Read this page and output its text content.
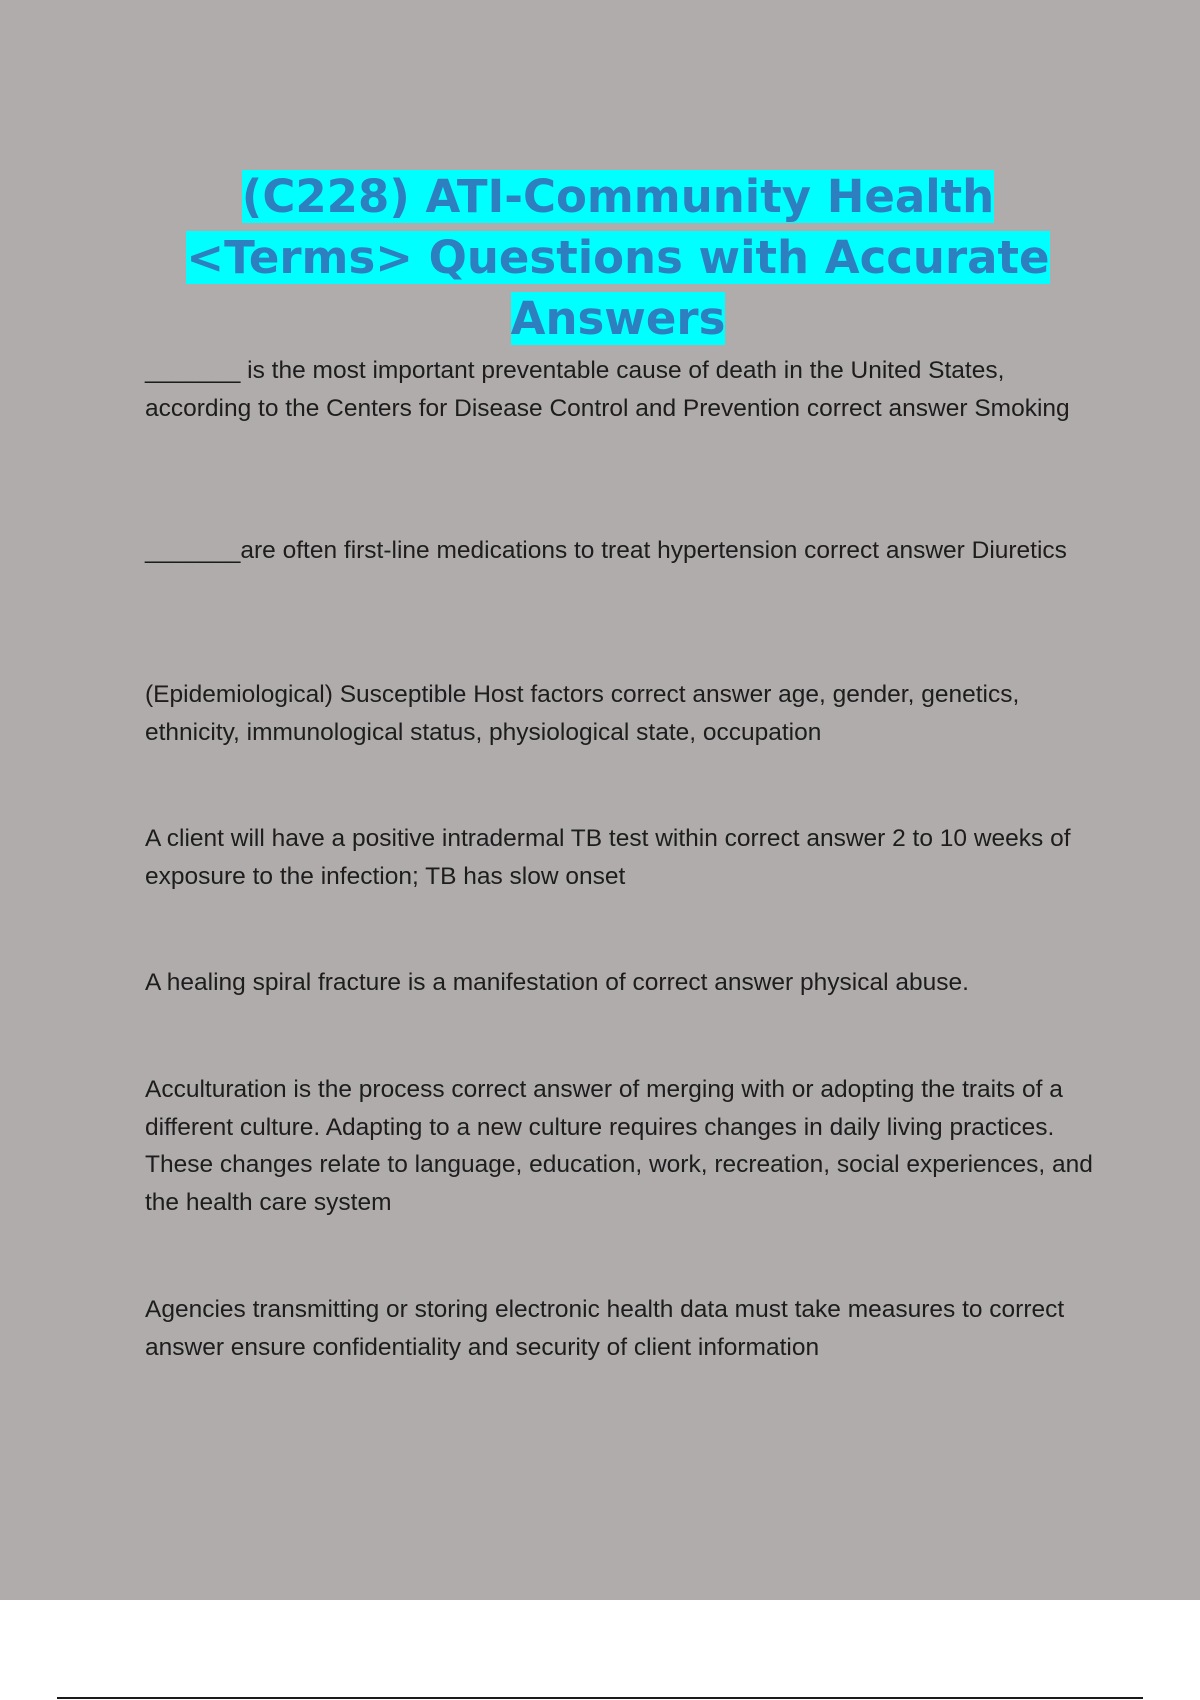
(C228) ATI-Community Health <Terms> Questions with Accurate Answers

_______ is the most important preventable cause of death in the United States, according to the Centers for Disease Control and Prevention correct answer Smoking

_______are often first-line medications to treat hypertension correct answer Diuretics

(Epidemiological) Susceptible Host factors correct answer age, gender, genetics, ethnicity, immunological status, physiological state, occupation

A client will have a positive intradermal TB test within correct answer 2 to 10 weeks of exposure to the infection; TB has slow onset

A healing spiral fracture is a manifestation of correct answer physical abuse.

Acculturation is the process correct answer of merging with or adopting the traits of a different culture. Adapting to a new culture requires changes in daily living practices. These changes relate to language, education, work, recreation, social experiences, and the health care system

Agencies transmitting or storing electronic health data must take measures to correct answer ensure confidentiality and security of client information
